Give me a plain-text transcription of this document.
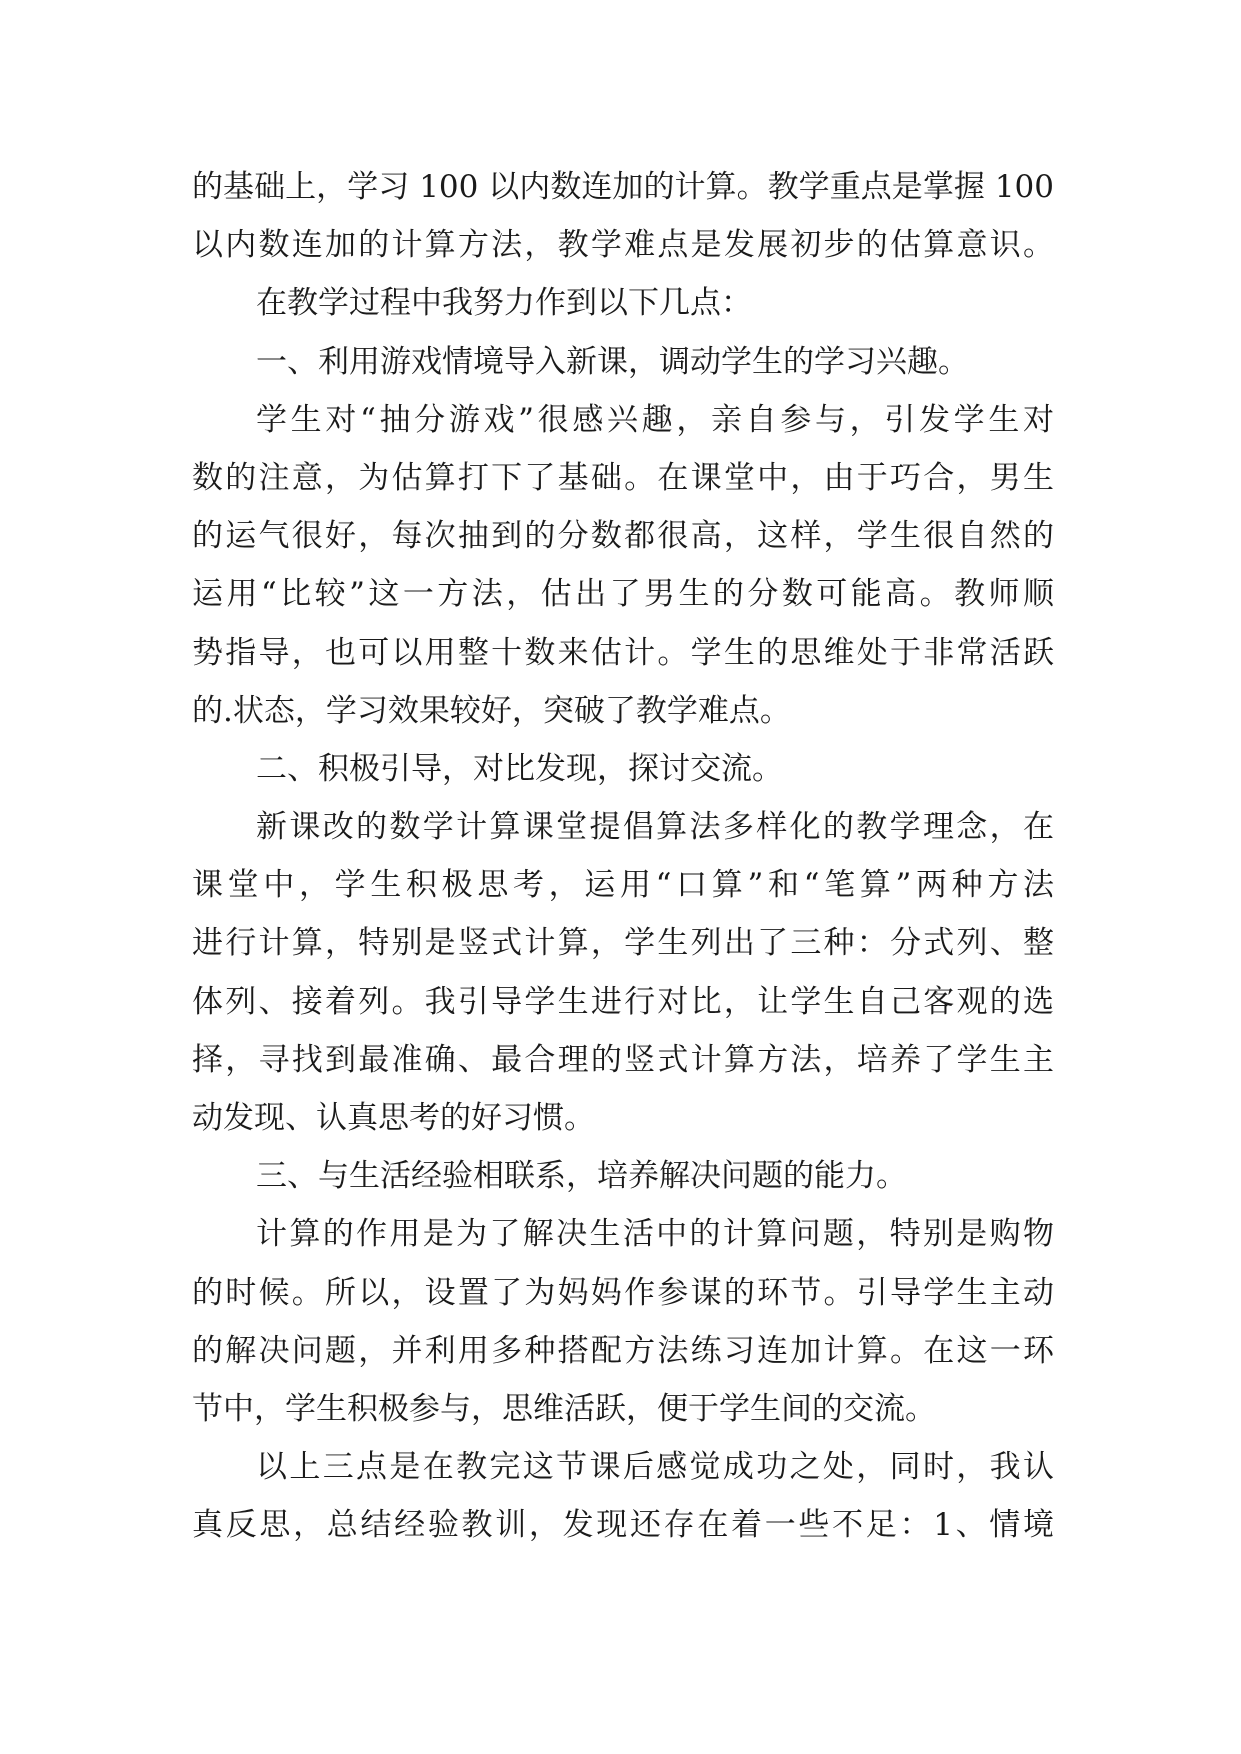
的基础上，学习 100 以内数连加的计算。教学重点是掌握 100
以内数连加的计算方法，教学难点是发展初步的估算意识。
在教学过程中我努力作到以下几点：
一、利用游戏情境导入新课，调动学生的学习兴趣。
学生对“抽分游戏”很感兴趣，亲自参与，引发学生对
数的注意，为估算打下了基础。在课堂中，由于巧合，男生
的运气很好，每次抽到的分数都很高，这样，学生很自然的
运用“比较”这一方法，估出了男生的分数可能高。教师顺
势指导，也可以用整十数来估计。学生的思维处于非常活跃
的.状态，学习效果较好，突破了教学难点。
二、积极引导，对比发现，探讨交流。
新课改的数学计算课堂提倡算法多样化的教学理念，在
课堂中，学生积极思考，运用“口算”和“笔算”两种方法
进行计算，特别是竖式计算，学生列出了三种：分式列、整
体列、接着列。我引导学生进行对比，让学生自己客观的选
择，寻找到最准确、最合理的竖式计算方法，培养了学生主
动发现、认真思考的好习惯。
三、与生活经验相联系，培养解决问题的能力。
计算的作用是为了解决生活中的计算问题，特别是购物
的时候。所以，设置了为妈妈作参谋的环节。引导学生主动
的解决问题，并利用多种搭配方法练习连加计算。在这一环
节中，学生积极参与，思维活跃，便于学生间的交流。
以上三点是在教完这节课后感觉成功之处，同时，我认
真反思，总结经验教训，发现还存在着一些不足：1、情境
